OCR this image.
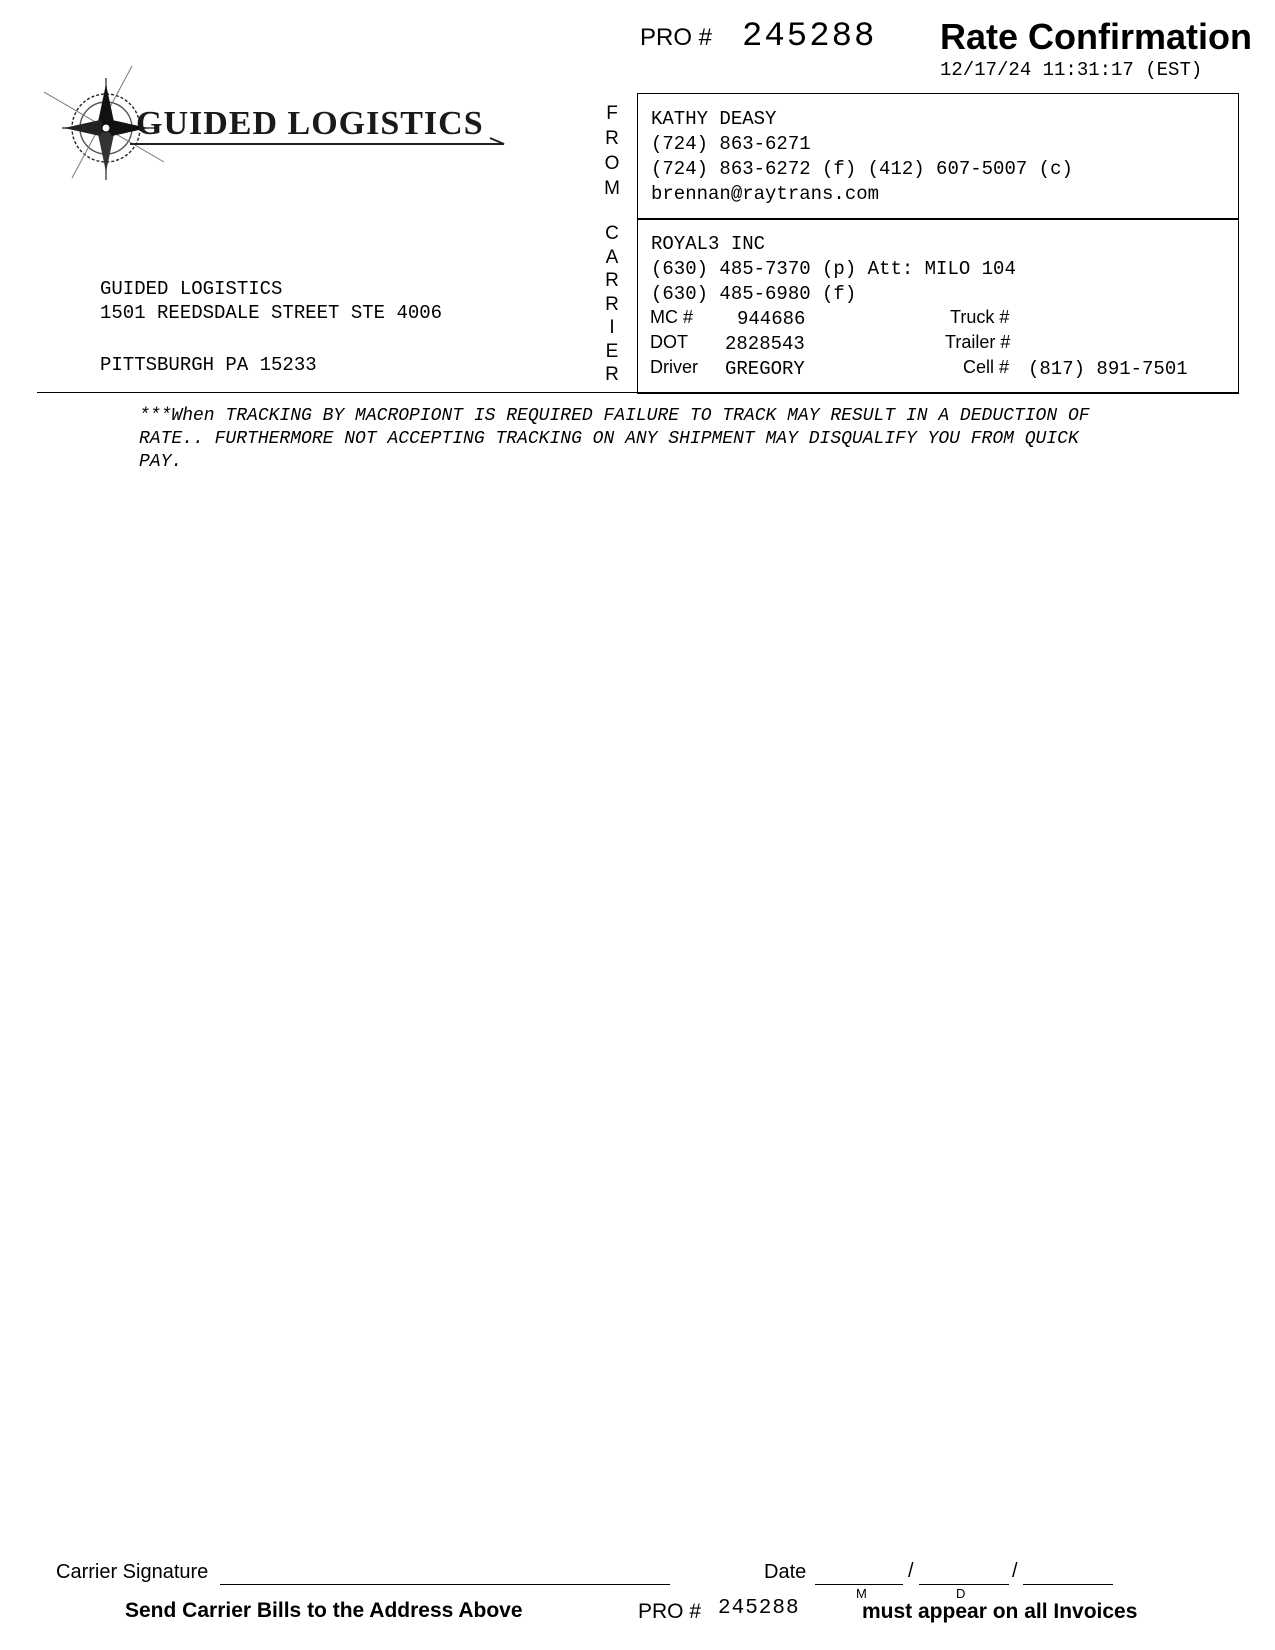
PRO # 245288 Rate Confirmation
12/17/24 11:31:17 (EST)
GUIDED LOGISTICS
GUIDED LOGISTICS
1501 REEDSDALE STREET STE 4006
PITTSBURGH PA 15233
F
R
O
M
C
A
R
R
I
E
R
KATHY DEASY
(724) 863-6271
(724) 863-6272 (f) (412) 607-5007 (c)
brennan@raytrans.com
ROYAL3 INC
(630) 485-7370 (p) Att: MILO 104
(630) 485-6980 (f)
MC # 944686	Truck #
DOT 2828543	Trailer #
Driver GREGORY	Cell # (817) 891-7501
***When TRACKING BY MACROPIONT IS REQUIRED FAILURE TO TRACK MAY RESULT IN A DEDUCTION OF RATE.. FURTHERMORE NOT ACCEPTING TRACKING ON ANY SHIPMENT MAY DISQUALIFY YOU FROM QUICK PAY.
Carrier Signature	Date	/	/
M	D
Send Carrier Bills to the Address Above	PRO # 245288	must appear on all Invoices
